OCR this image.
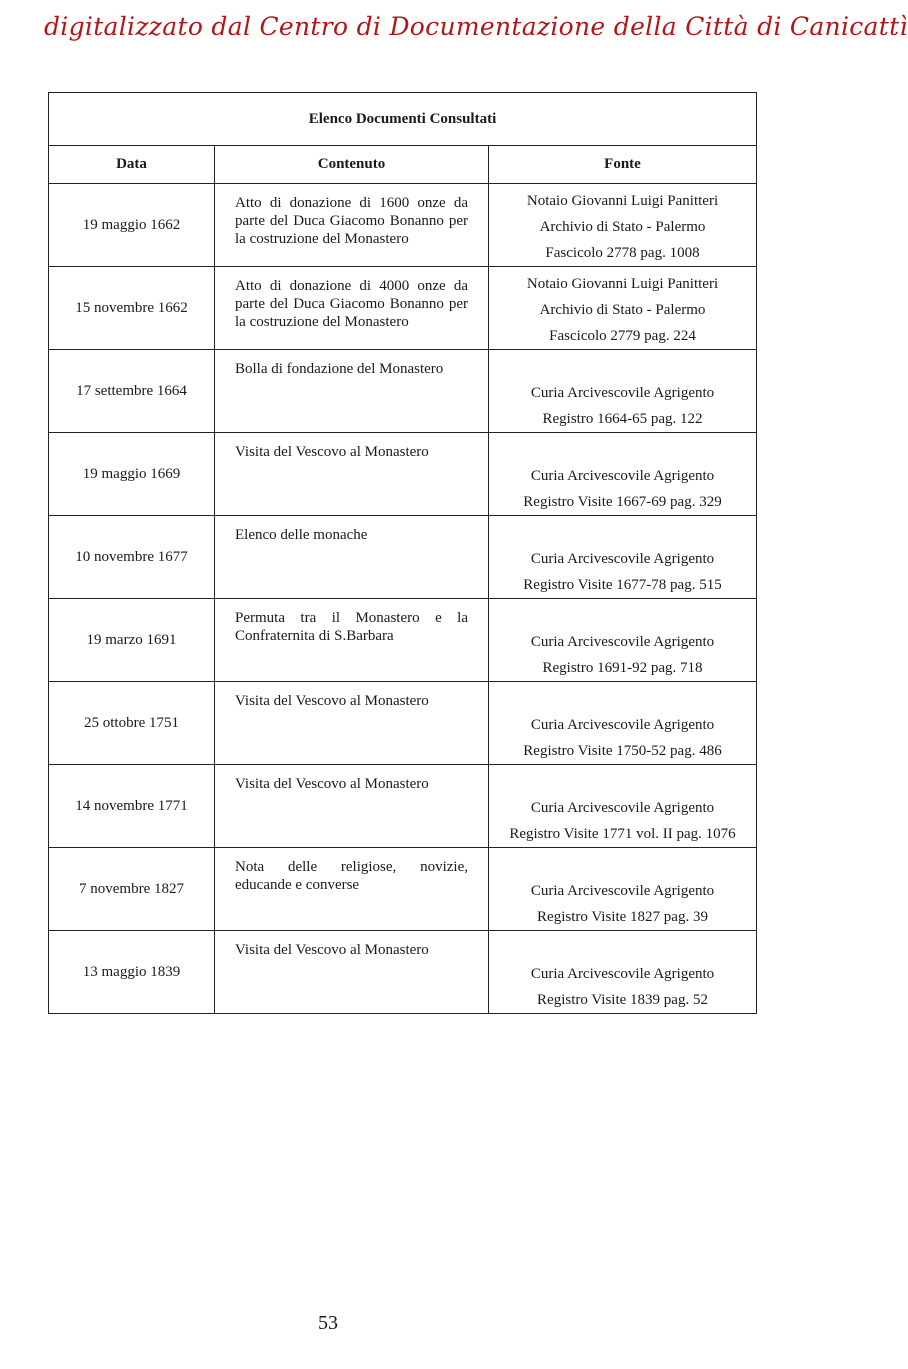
digitalizzato dal Centro di Documentazione della Città di Canicattì
Elenco Documenti Consultati		
Data	Contenuto	Fonte
19 maggio 1662	Atto di donazione di 1600 onze da parte del Duca Giacomo Bonanno per la costruzione del Monastero	Notaio Giovanni Luigi Panitteri
Archivio di Stato - Palermo
Fascicolo 2778 pag. 1008

15 novembre 1662	Atto di donazione di 4000 onze da parte del Duca Giacomo Bonanno per la costruzione del Monastero	Notaio Giovanni Luigi Panitteri
Archivio di Stato - Palermo
Fascicolo 2779 pag. 224

17 settembre 1664	Bolla di fondazione del Monastero	Curia Arcivescovile Agrigento
Registro 1664-65 pag. 122

19 maggio 1669	Visita del Vescovo al Monastero	Curia Arcivescovile Agrigento
Registro Visite 1667-69 pag. 329

10 novembre 1677	Elenco delle monache	Curia Arcivescovile Agrigento
Registro Visite 1677-78 pag. 515

19 marzo 1691	Permuta tra il Monastero e la Confraternita di S.Barbara	Curia Arcivescovile Agrigento
Registro 1691-92 pag. 718

25 ottobre 1751	Visita del Vescovo al Monastero	Curia Arcivescovile Agrigento
Registro Visite 1750-52 pag. 486

14 novembre 1771	Visita del Vescovo al Monastero	Curia Arcivescovile Agrigento
Registro Visite 1771 vol. II pag. 1076

7 novembre 1827	Nota delle religiose, novizie, educande e converse	Curia Arcivescovile Agrigento
Registro Visite 1827 pag. 39

13 maggio 1839	Visita del Vescovo al Monastero	Curia Arcivescovile Agrigento
Registro Visite 1839 pag. 52
53
